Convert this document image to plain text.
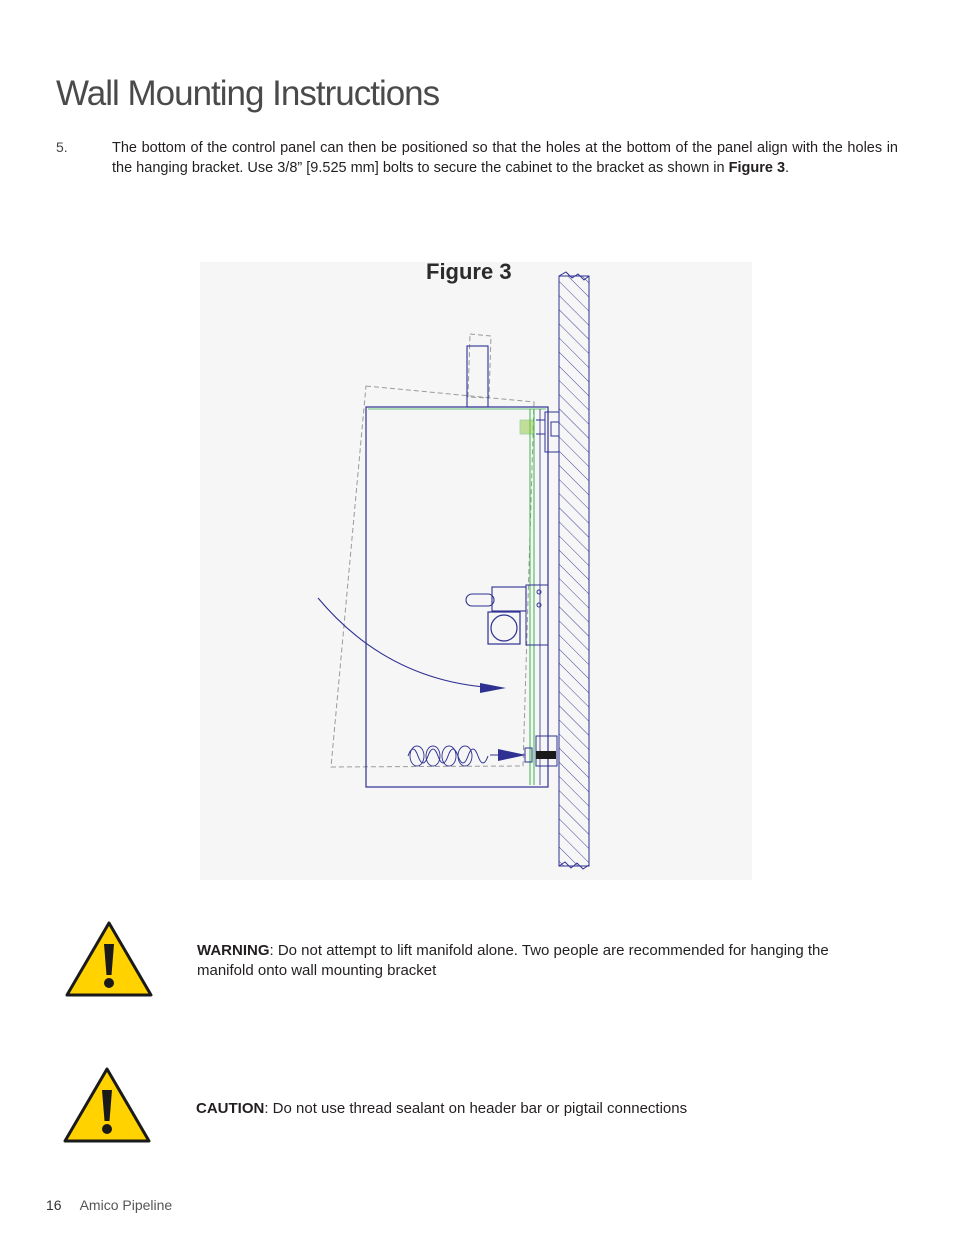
Wall Mounting Instructions
5.	The bottom of the control panel can then be positioned so that the holes at the bottom of the panel align with the holes in the hanging bracket. Use 3/8” [9.525 mm] bolts to secure the cabinet to the bracket as shown in Figure 3.
Figure 3
WARNING: Do not attempt to lift manifold alone. Two people are recommended for hanging the manifold onto wall mounting bracket
CAUTION: Do not use thread sealant on header bar or pigtail connections
16 Amico Pipeline
